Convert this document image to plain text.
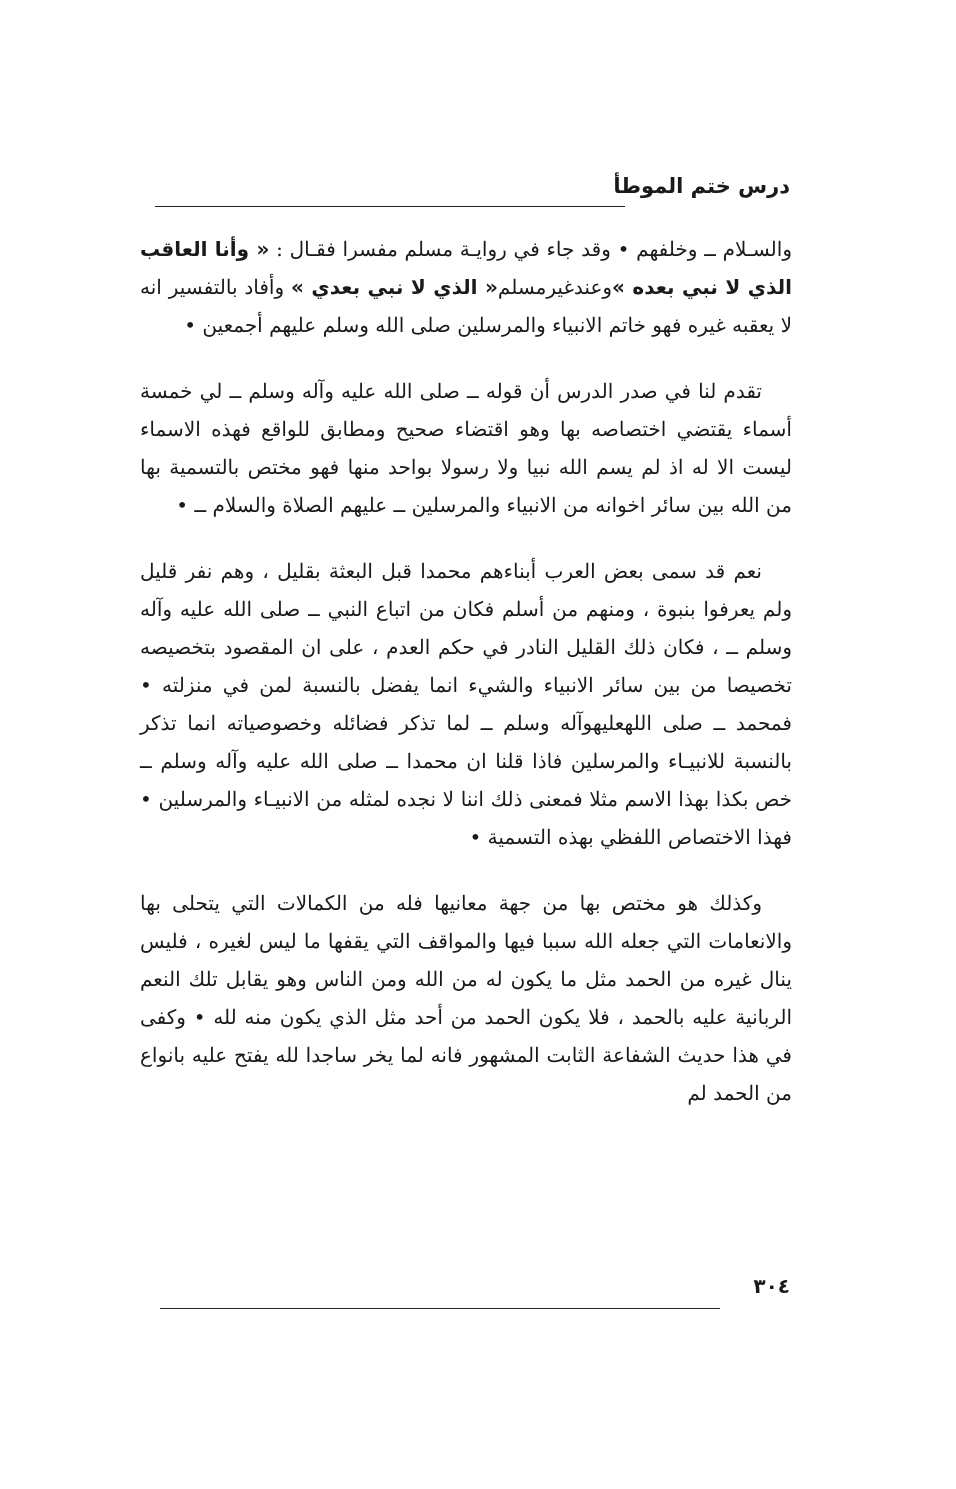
درس ختم الموطأ

والسـلام ــ وخلفهم • وقد جاء في روايـة مسلم مفسرا فقـال : « وأنا العاقب الذي لا نبي بعده »وعندغيرمسلم« الذي لا نبي بعدي » وأفاد بالتفسير انه لا يعقبه غيره فهو خاتم الانبياء والمرسلين صلى الله وسلم عليهم أجمعين •

تقدم لنا في صدر الدرس أن قوله ــ صلى الله عليه وآله وسلم ــ لي خمسة أسماء يقتضي اختصاصه بها وهو اقتضاء صحيح ومطابق للواقع فهذه الاسماء ليست الا له اذ لم يسم الله نبيا ولا رسولا بواحد منها فهو مختص بالتسمية بها من الله بين سائر اخوانه من الانبياء والمرسلين ــ عليهم الصلاة والسلام ــ •

نعم قد سمى بعض العرب أبناءهم محمدا قبل البعثة بقليل ، وهم نفر قليل ولم يعرفوا بنبوة ، ومنهم من أسلم فكان من اتباع النبي ــ صلى الله عليه وآله وسلم ــ ، فكان ذلك القليل النادر في حكم العدم ، على ان المقصود بتخصيصه تخصيصا من بين سائر الانبياء والشيء انما يفضل بالنسبة لمن في منزلته • فمحمد ــ صلى اللهعليهوآله وسلم ــ لما تذكر فضائله وخصوصياته انما تذكر بالنسبة للانبيـاء والمرسلين فاذا قلنا ان محمدا ــ صلى الله عليه وآله وسلم ــ خص بكذا بهذا الاسم مثلا فمعنى ذلك اننا لا نجده لمثله من الانبيـاء والمرسلين • فهذا الاختصاص اللفظي بهذه التسمية •

وكذلك هو مختص بها من جهة معانيها فله من الكمالات التي يتحلى بها والانعامات التي جعله الله سببا فيها والمواقف التي يقفها ما ليس لغيره ، فليس ينال غيره من الحمد مثل ما يكون له من الله ومن الناس وهو يقابل تلك النعم الربانية عليه بالحمد ، فلا يكون الحمد من أحد مثل الذي يكون منه لله • وكفى في هذا حديث الشفاعة الثابت المشهور فانه لما يخر ساجدا لله يفتح عليه بانواع من الحمد لم

٣٠٤
